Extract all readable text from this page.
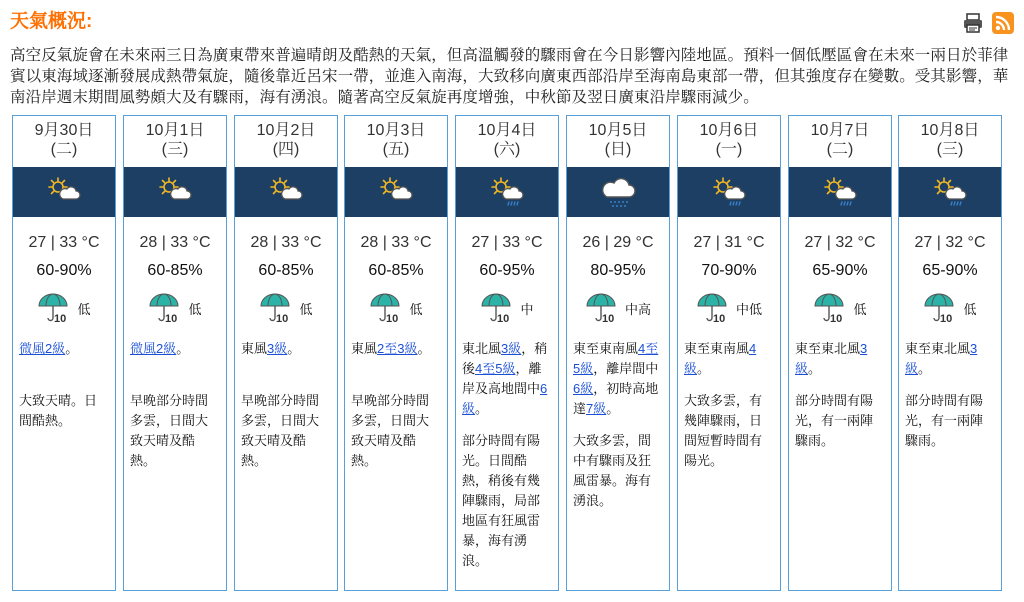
天氣概況:
高空反氣旋會在未來兩三日為廣東帶來普遍晴朗及酷熱的天氣，但高溫觸發的驟雨會在今日影響內陸地區。預料一個低壓區會在未來一兩日於菲律賓以東海域逐漸發展成熱帶氣旋，隨後靠近呂宋一帶，並進入南海，大致移向廣東西部沿岸至海南島東部一帶，但其強度存在變數。受其影響，華南沿岸週末期間風勢頗大及有驟雨，海有湧浪。隨著高空反氣旋再度增強，中秋節及翌日廣東沿岸驟雨減少。
9月30日
(二)
27 | 33 °C
60-90%
10
低
微風2級。
大致天晴。日間酷熱。
10月1日
(三)
28 | 33 °C
60-85%
10
低
微風2級。
早晚部分時間多雲，日間大致天晴及酷熱。
10月2日
(四)
28 | 33 °C
60-85%
10
低
東風3級。
早晚部分時間多雲，日間大致天晴及酷熱。
10月3日
(五)
28 | 33 °C
60-85%
10
低
東風2至3級。
早晚部分時間多雲，日間大致天晴及酷熱。
10月4日
(六)
27 | 33 °C
60-95%
10
中
東北風3級，稍後4至5級，離岸及高地間中6級。
部分時間有陽光。日間酷熱，稍後有幾陣驟雨，局部地區有狂風雷暴，海有湧浪。
10月5日
(日)
26 | 29 °C
80-95%
10
中高
東至東南風4至5級，離岸間中6級，初時高地達7級。
大致多雲，間中有驟雨及狂風雷暴。海有湧浪。
10月6日
(一)
27 | 31 °C
70-90%
10
中低
東至東南風4級。
大致多雲，有幾陣驟雨，日間短暫時間有陽光。
10月7日
(二)
27 | 32 °C
65-90%
10
低
東至東北風3級。
部分時間有陽光，有一兩陣驟雨。
10月8日
(三)
27 | 32 °C
65-90%
10
低
東至東北風3級。
部分時間有陽光，有一兩陣驟雨。
